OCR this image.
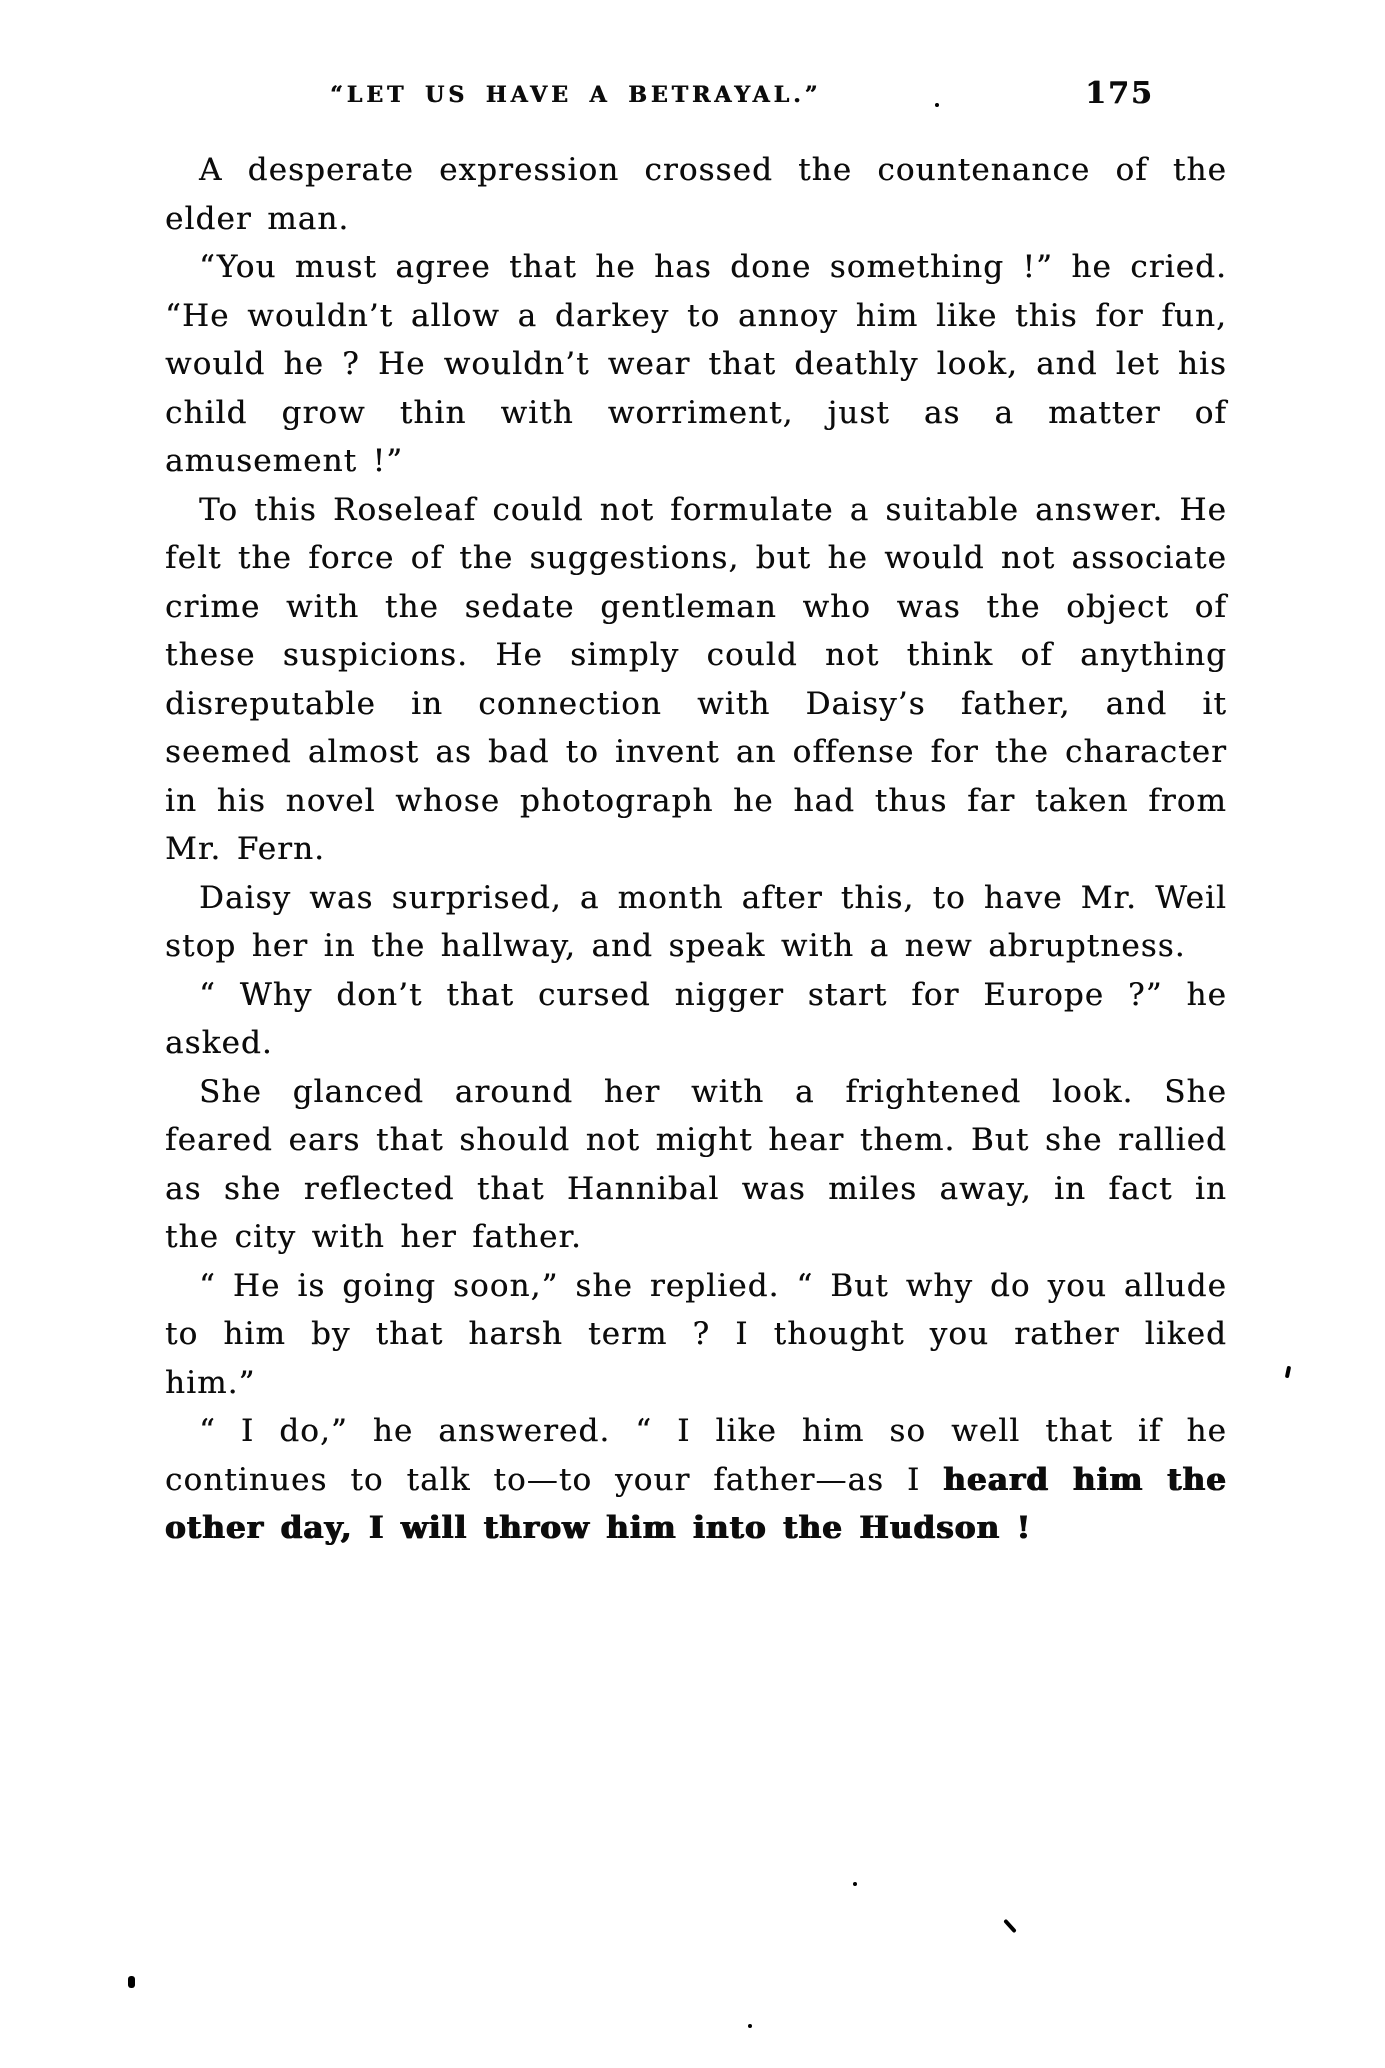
“LET US HAVE A BETRAYAL.”	175

A desperate expression crossed the countenance of the elder man.

“You must agree that he has done something !” he cried. “He wouldn’t allow a darkey to annoy him like this for fun, would he ? He wouldn’t wear that deathly look, and let his child grow thin with worriment, just as a matter of amusement !”

To this Roseleaf could not formulate a suitable answer. He felt the force of the suggestions, but he would not associate crime with the sedate gentleman who was the object of these suspicions. He simply could not think of anything disreputable in connection with Daisy’s father, and it seemed almost as bad to invent an offense for the character in his novel whose photograph he had thus far taken from Mr. Fern.

Daisy was surprised, a month after this, to have Mr. Weil stop her in the hallway, and speak with a new abruptness.

“ Why don’t that cursed nigger start for Europe ?” he asked.

She glanced around her with a frightened look. She feared ears that should not might hear them. But she rallied as she reflected that Hannibal was miles away, in fact in the city with her father.

“ He is going soon,” she replied. “ But why do you allude to him by that harsh term ? I thought you rather liked him.”

“ I do,” he answered. “ I like him so well that if he continues to talk to—to your father—as I heard him the other day, I will throw him into the Hudson !
